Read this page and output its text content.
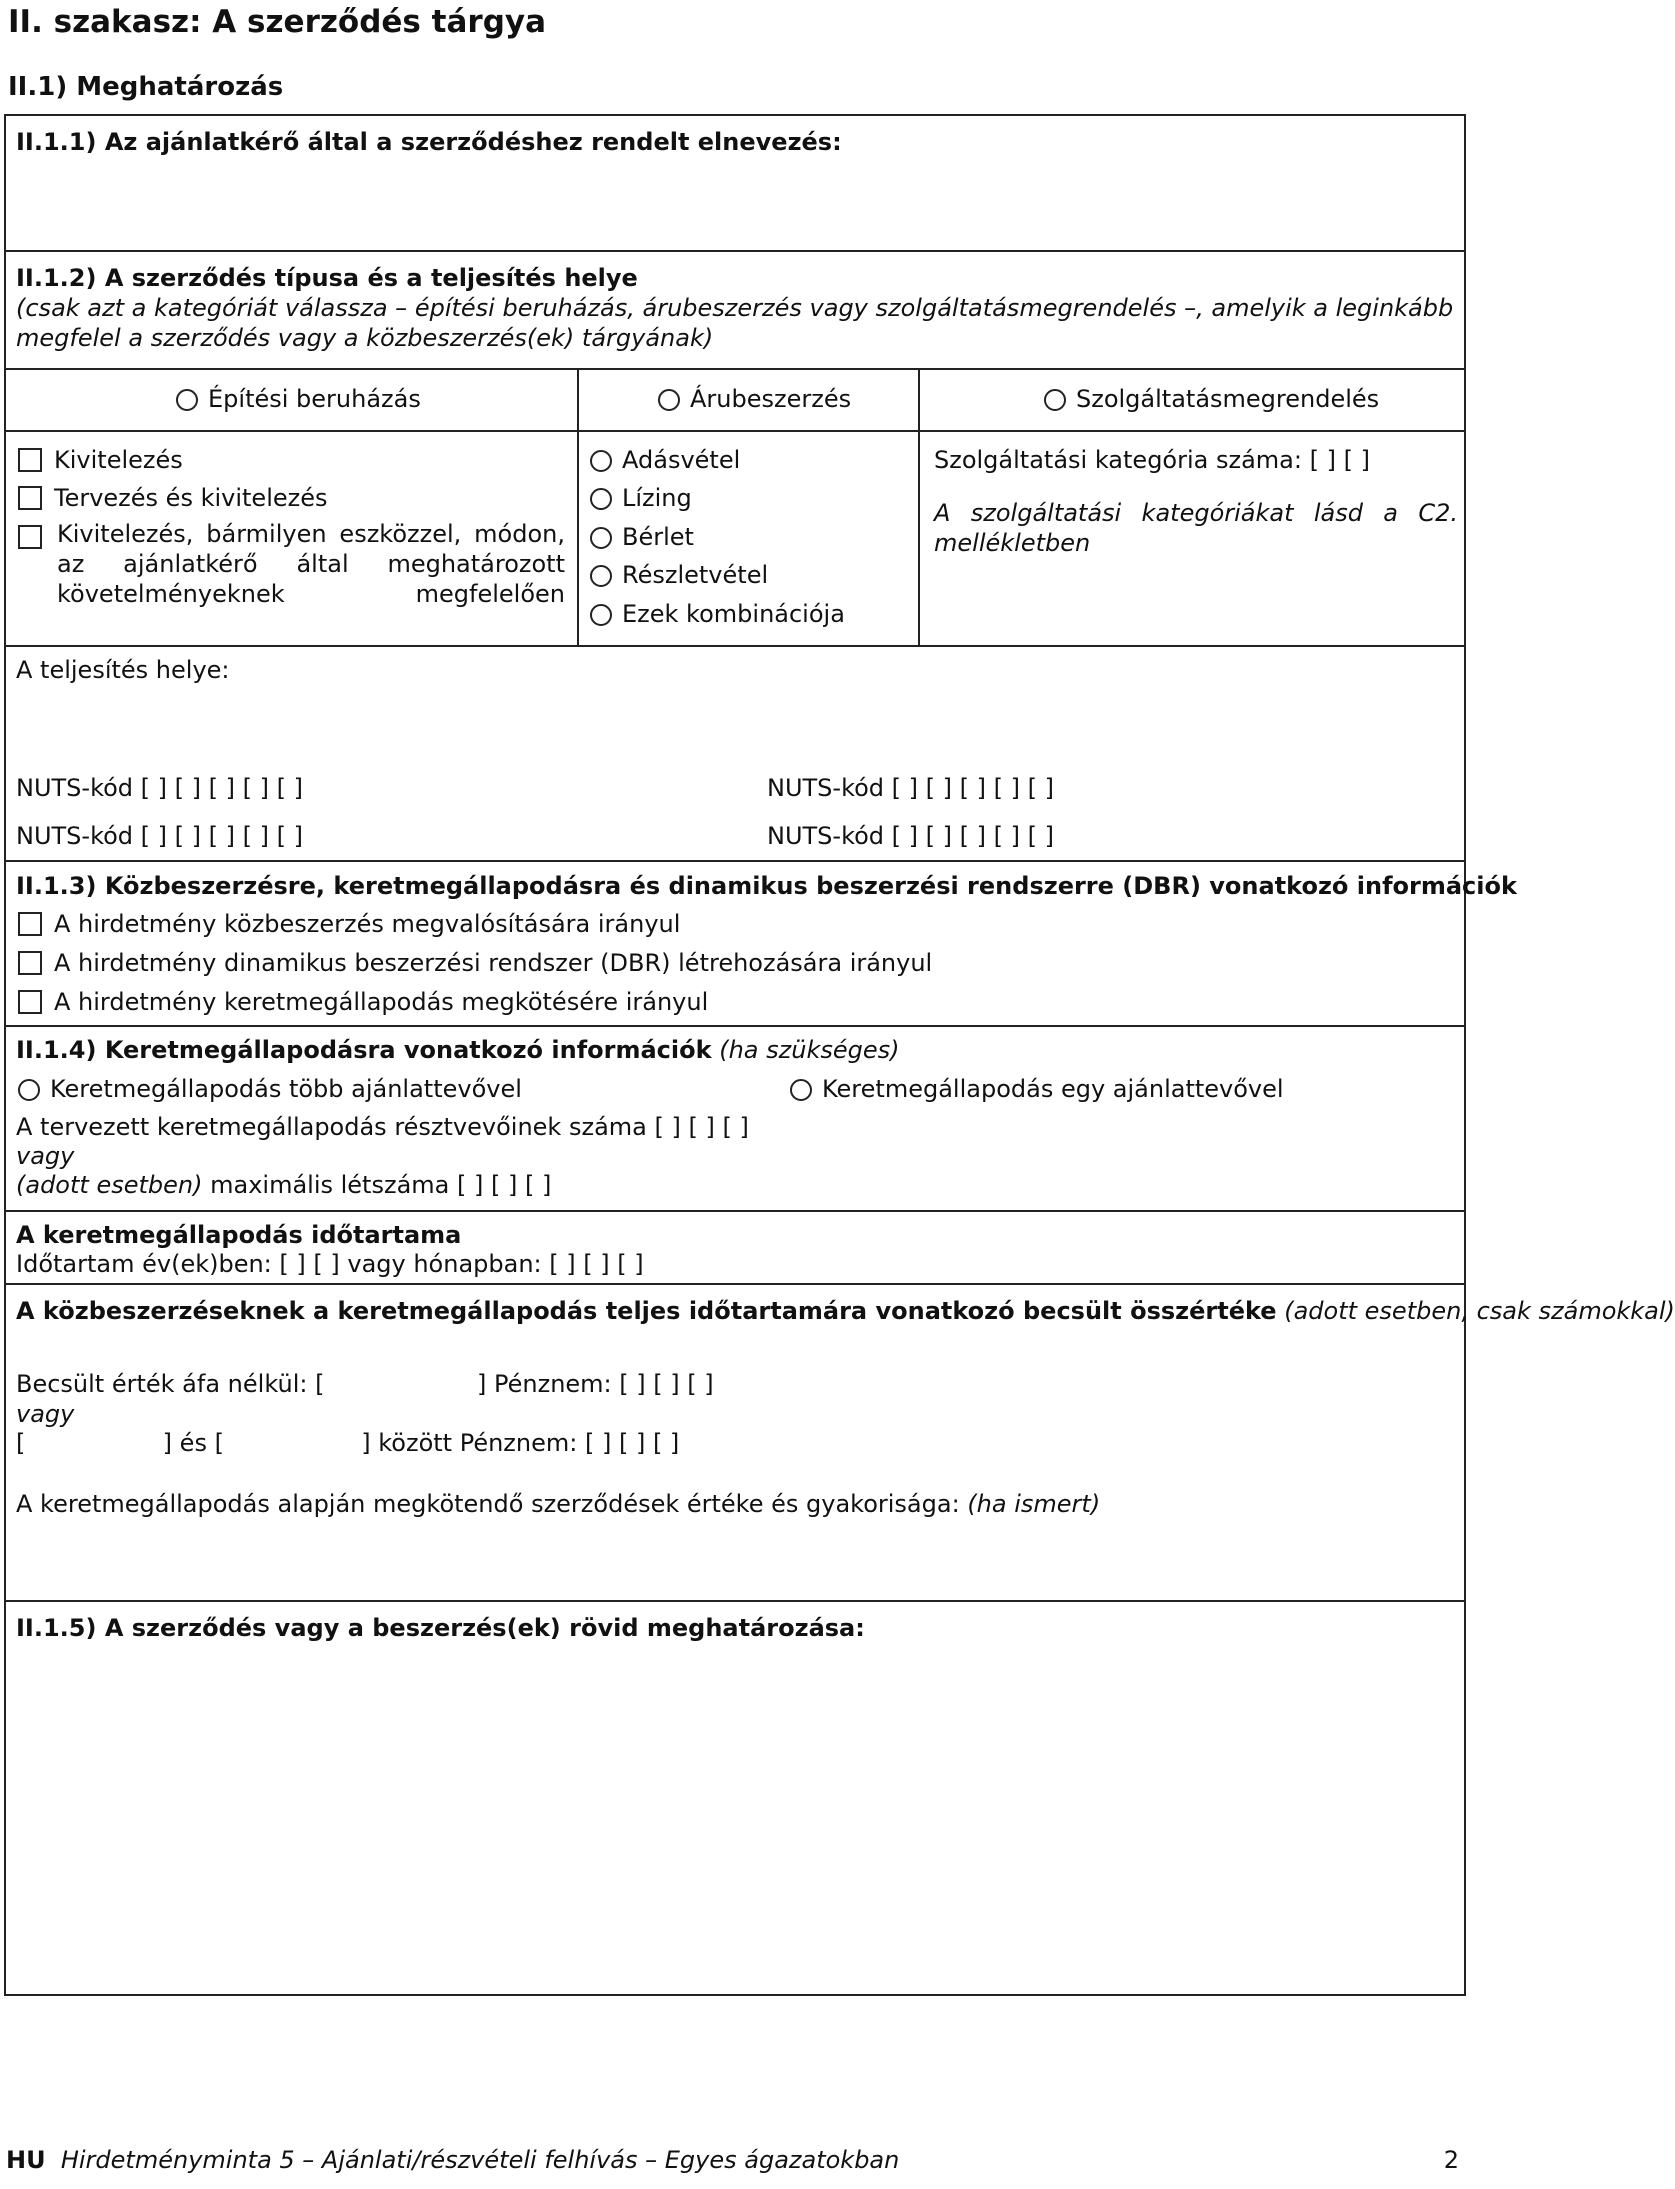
II. szakasz: A szerződés tárgya
II.1) Meghatározás
II.1.1) Az ajánlatkérő által a szerződéshez rendelt elnevezés:
II.1.2) A szerződés típusa és a teljesítés helye
(csak azt a kategóriát válassza – építési beruházás, árubeszerzés vagy szolgáltatásmegrendelés –, amelyik a leginkább megfelel a szerződés vagy a közbeszerzés(ek) tárgyának)
Építési beruházás	Árubeszerzés	Szolgáltatásmegrendelés
Kivitelezés
Tervezés és kivitelezés
Kivitelezés, bármilyen eszközzel, módon, az ajánlatkérő által meghatározott követelményeknek megfelelően
Adásvétel
Lízing
Bérlet
Részletvétel
Ezek kombinációja
Szolgáltatási kategória száma: [ ] [ ]
A szolgáltatási kategóriákat lásd a C2. mellékletben
A teljesítés helye:
NUTS-kód [ ] [ ] [ ] [ ] [ ]	NUTS-kód [ ] [ ] [ ] [ ] [ ]
NUTS-kód [ ] [ ] [ ] [ ] [ ]	NUTS-kód [ ] [ ] [ ] [ ] [ ]
II.1.3) Közbeszerzésre, keretmegállapodásra és dinamikus beszerzési rendszerre (DBR) vonatkozó információk
A hirdetmény közbeszerzés megvalósítására irányul
A hirdetmény dinamikus beszerzési rendszer (DBR) létrehozására irányul
A hirdetmény keretmegállapodás megkötésére irányul
II.1.4) Keretmegállapodásra vonatkozó információk (ha szükséges)
Keretmegállapodás több ajánlattevővel	Keretmegállapodás egy ajánlattevővel
A tervezett keretmegállapodás résztvevőinek száma [ ] [ ] [ ]
vagy
(adott esetben) maximális létszáma [ ] [ ] [ ]
A keretmegállapodás időtartama
Időtartam év(ek)ben: [ ] [ ] vagy hónapban: [ ] [ ] [ ]
A közbeszerzéseknek a keretmegállapodás teljes időtartamára vonatkozó becsült összértéke (adott esetben, csak számokkal)
Becsült érték áfa nélkül: [                    ] Pénznem: [ ] [ ] [ ]
vagy
[                  ] és [                  ] között Pénznem: [ ] [ ] [ ]
A keretmegállapodás alapján megkötendő szerződések értéke és gyakorisága: (ha ismert)
II.1.5) A szerződés vagy a beszerzés(ek) rövid meghatározása:
HU Hirdetményminta 5 – Ajánlati/részvételi felhívás – Egyes ágazatokban	2
